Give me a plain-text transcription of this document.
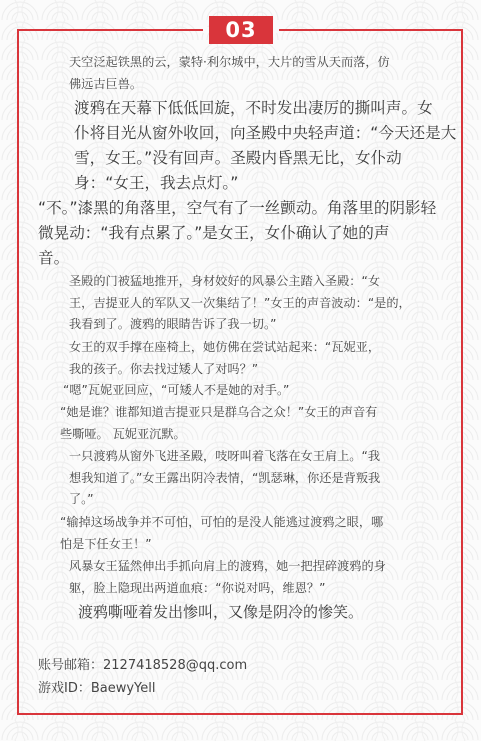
03
天空泛起铁黑的云，蒙特·利尔城中，大片的雪从天而落，仿
佛远古巨兽。
渡鸦在天幕下低低回旋，不时发出凄厉的撕叫声。女
仆将目光从窗外收回，向圣殿中央轻声道：“今天还是大
雪，女王。”没有回声。圣殿内昏黑无比，女仆动
身：“女王，我去点灯。”
“不。”漆黑的角落里，空气有了一丝颤动。角落里的阴影轻
微晃动：“我有点累了。”是女王，女仆确认了她的声
音。
圣殿的门被猛地推开，身材姣好的风暴公主踏入圣殿：“女
王，吉提亚人的军队又一次集结了！”女王的声音波动：“是的，
我看到了。渡鸦的眼睛告诉了我一切。”
女王的双手撑在座椅上，她仿佛在尝试站起来：“瓦妮亚，
我的孩子。你去找过矮人了对吗？”
“嗯”瓦妮亚回应，“可矮人不是她的对手。”
“她是谁？谁都知道吉提亚只是群乌合之众！”女王的声音有
些嘶哑。 瓦妮亚沉默。
一只渡鸦从窗外飞进圣殿，吱呀叫着飞落在女王肩上。“我
想我知道了。”女王露出阴冷表情，“凯瑟琳，你还是背叛我
了。”
“输掉这场战争并不可怕，可怕的是没人能逃过渡鸦之眼，哪
怕是下任女王！”
风暴女王猛然伸出手抓向肩上的渡鸦，她一把捏碎渡鸦的身
躯，脸上隐现出两道血痕：“你说对吗，维恩？”
渡鸦嘶哑着发出惨叫，又像是阴冷的惨笑。
账号邮箱：2127418528@qq.com
游戏ID：BaewyYell
